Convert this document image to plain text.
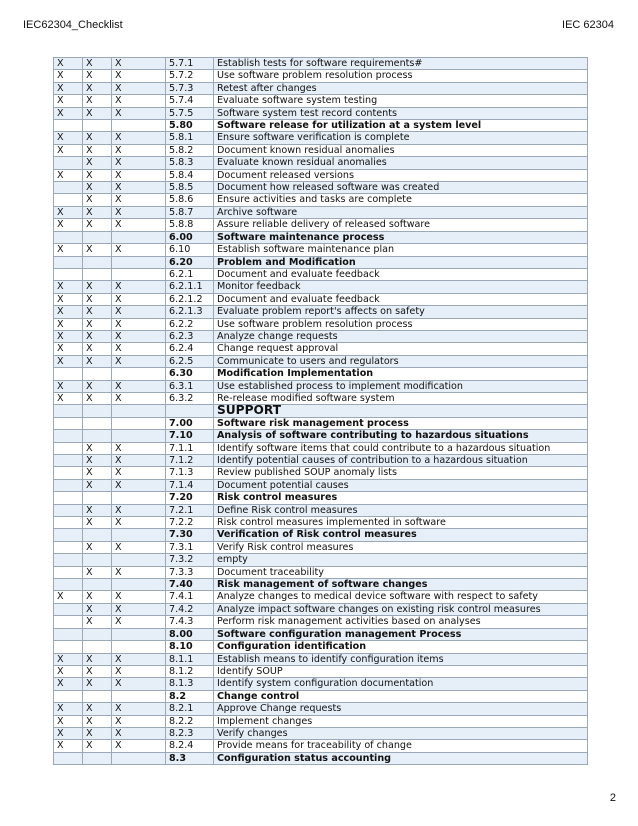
IEC62304_Checklist	IEC 62304
X	X	X	5.7.1	Establish tests for software requirements#
X	X	X	5.7.2	Use software problem resolution process
X	X	X	5.7.3	Retest after changes
X	X	X	5.7.4	Evaluate software system testing
X	X	X	5.7.5	Software system test record contents
			5.80	Software release for utilization at a system level
X	X	X	5.8.1	Ensure software verification is complete
X	X	X	5.8.2	Document known residual anomalies
	X	X	5.8.3	Evaluate known residual anomalies
X	X	X	5.8.4	Document released versions
	X	X	5.8.5	Document how released software was created
	X	X	5.8.6	Ensure activities and tasks are complete
X	X	X	5.8.7	Archive software
X	X	X	5.8.8	Assure reliable delivery of released software
			6.00	Software maintenance process
X	X	X	6.10	Establish software maintenance plan
			6.20	Problem and Modification
			6.2.1	Document and evaluate feedback
X	X	X	6.2.1.1	Monitor feedback
X	X	X	6.2.1.2	Document and evaluate feedback
X	X	X	6.2.1.3	Evaluate problem report's affects on safety
X	X	X	6.2.2	Use software problem resolution process
X	X	X	6.2.3	Analyze change requests
X	X	X	6.2.4	Change request approval
X	X	X	6.2.5	Communicate to users and regulators
			6.30	Modification Implementation
X	X	X	6.3.1	Use established process to implement modification
X	X	X	6.3.2	Re-release modified software system
				SUPPORT
			7.00	Software risk management process
			7.10	Analysis of software contributing to hazardous situations
	X	X	7.1.1	Identify software items that could contribute to a hazardous situation
	X	X	7.1.2	Identify potential causes of contribution to a hazardous situation
	X	X	7.1.3	Review published SOUP anomaly lists
	X	X	7.1.4	Document potential causes
			7.20	Risk control measures
	X	X	7.2.1	Define Risk control measures
	X	X	7.2.2	Risk control measures implemented in software
			7.30	Verification of Risk control measures
	X	X	7.3.1	Verify Risk control measures
			7.3.2	empty
	X	X	7.3.3	Document traceability
			7.40	Risk management of software changes
X	X	X	7.4.1	Analyze changes to medical device software with respect to safety
	X	X	7.4.2	Analyze impact software changes on existing risk control measures
	X	X	7.4.3	Perform risk management activities based on analyses
			8.00	Software configuration management Process
			8.10	Configuration identification
X	X	X	8.1.1	Establish means to identify configuration items
X	X	X	8.1.2	Identify SOUP
X	X	X	8.1.3	Identify system configuration documentation
			8.2	Change control
X	X	X	8.2.1	Approve Change requests
X	X	X	8.2.2	Implement changes
X	X	X	8.2.3	Verify changes
X	X	X	8.2.4	Provide means for traceability of change
			8.3	Configuration status accounting
2
